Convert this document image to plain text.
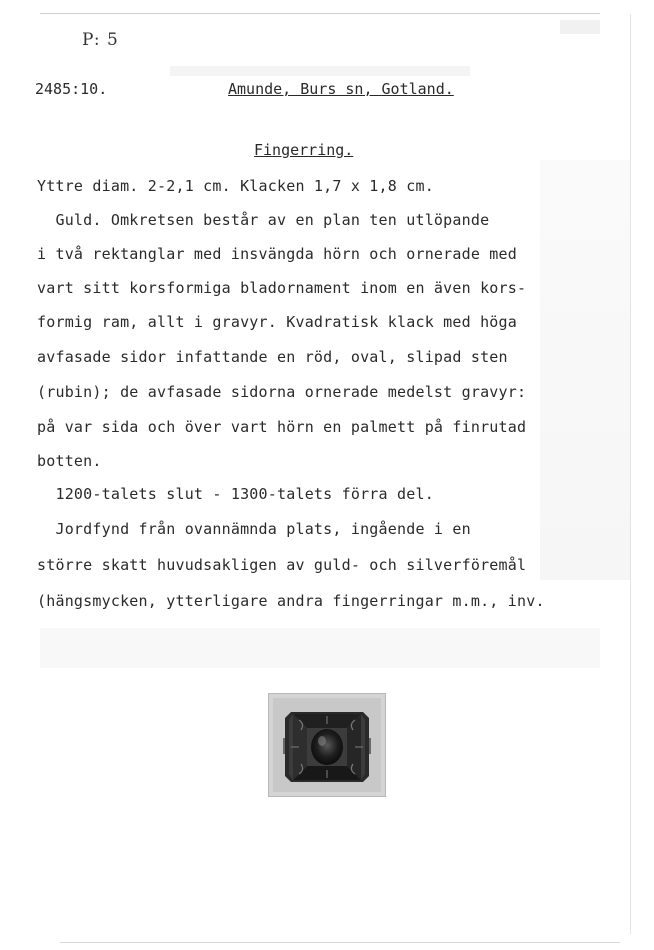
P: 5
2485:10.	Amunde, Burs sn, Gotland.
Fingerring.
Yttre diam. 2-2,1 cm. Klacken 1,7 x 1,8 cm.
Guld. Omkretsen består av en plan ten utlöpande
i två rektanglar med insvängda hörn och ornerade med
vart sitt korsformiga bladornament inom en även kors-
formig ram, allt i gravyr. Kvadratisk klack med höga
avfasade sidor infattande en röd, oval, slipad sten
(rubin); de avfasade sidorna ornerade medelst gravyr:
på var sida och över vart hörn en palmett på finrutad
botten.
1200-talets slut - 1300-talets förra del.
Jordfynd från ovannämnda plats, ingående i en
större skatt huvudsakligen av guld- och silverföremål
(hängsmycken, ytterligare andra fingerringar m.m., inv.
